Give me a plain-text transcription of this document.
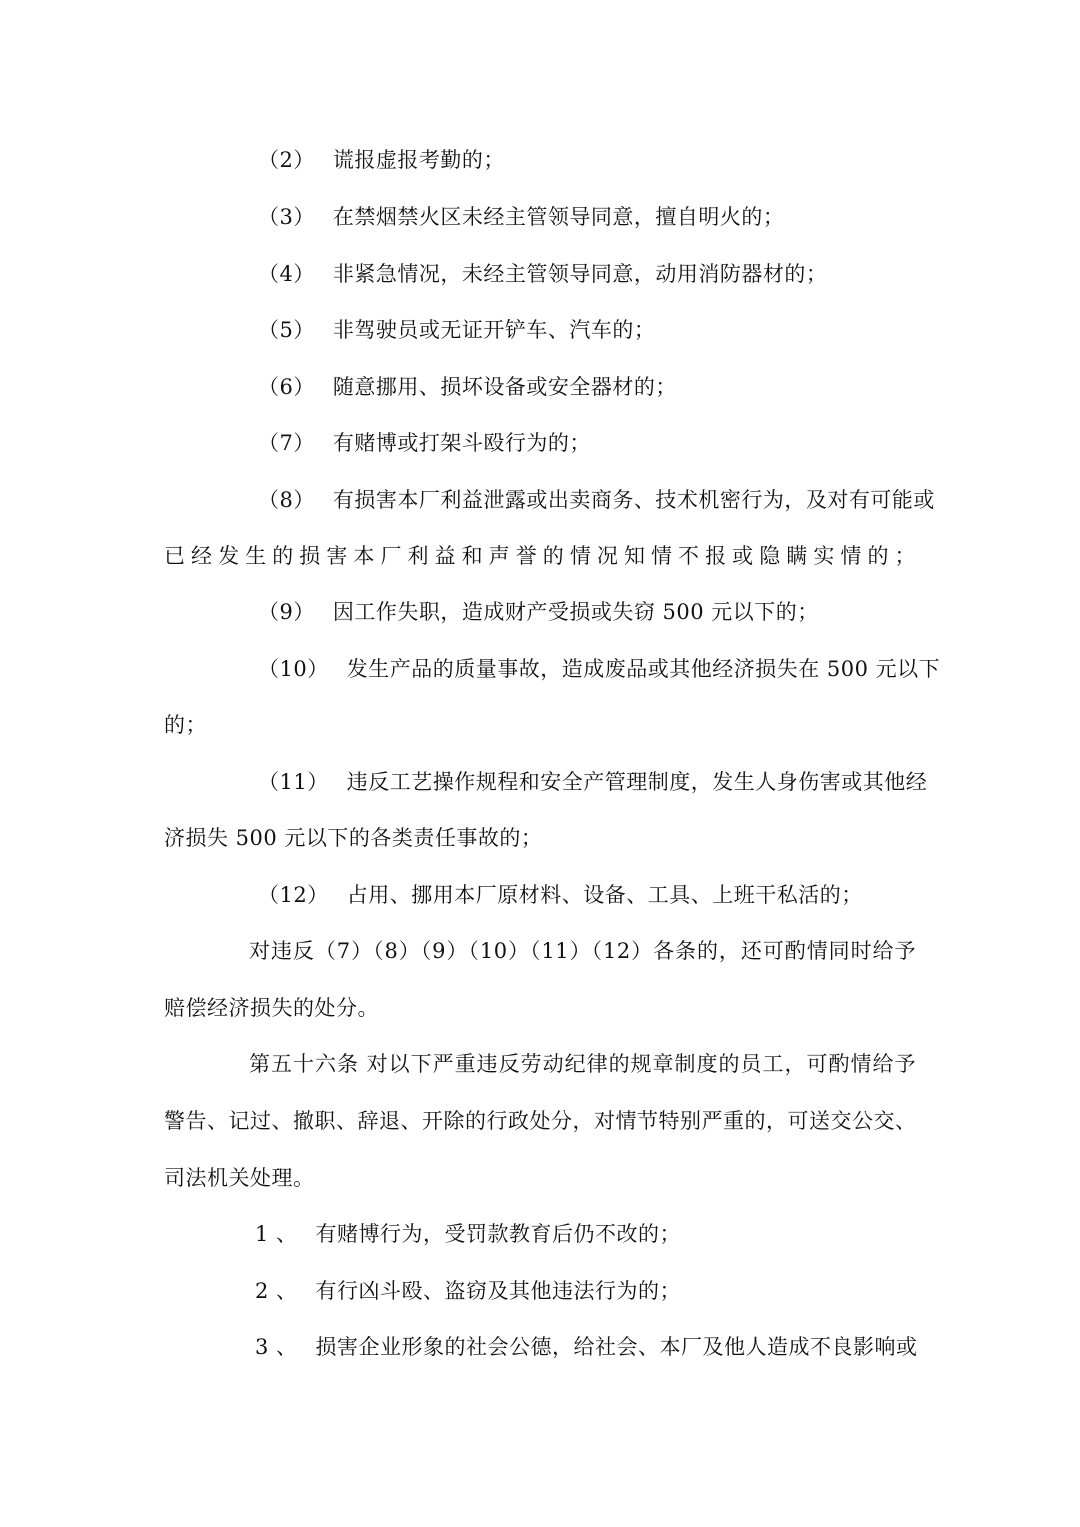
（2） 谎报虚报考勤的；
（3） 在禁烟禁火区未经主管领导同意，擅自明火的；
（4） 非紧急情况，未经主管领导同意，动用消防器材的；
（5） 非驾驶员或无证开铲车、汽车的；
（6） 随意挪用、损坏设备或安全器材的；
（7） 有赌博或打架斗殴行为的；
（8） 有损害本厂利益泄露或出卖商务、技术机密行为，及对有可能或
已经发生的损害本厂利益和声誉的情况知情不报或隐瞒实情的；
（9） 因工作失职，造成财产受损或失窃 500 元以下的；
（10） 发生产品的质量事故，造成废品或其他经济损失在 500 元以下
的；
（11） 违反工艺操作规程和安全产管理制度，发生人身伤害或其他经
济损失 500 元以下的各类责任事故的；
（12） 占用、挪用本厂原材料、设备、工具、上班干私活的；
对违反（7）（8）（9）（10）（11）（12）各条的，还可酌情同时给予
赔偿经济损失的处分。
第五十六条 对以下严重违反劳动纪律的规章制度的员工，可酌情给予
警告、记过、撤职、辞退、开除的行政处分，对情节特别严重的，可送交公交、
司法机关处理。
1 、 有赌博行为，受罚款教育后仍不改的；
2 、 有行凶斗殴、盗窃及其他违法行为的；
3 、 损害企业形象的社会公德，给社会、本厂及他人造成不良影响或
